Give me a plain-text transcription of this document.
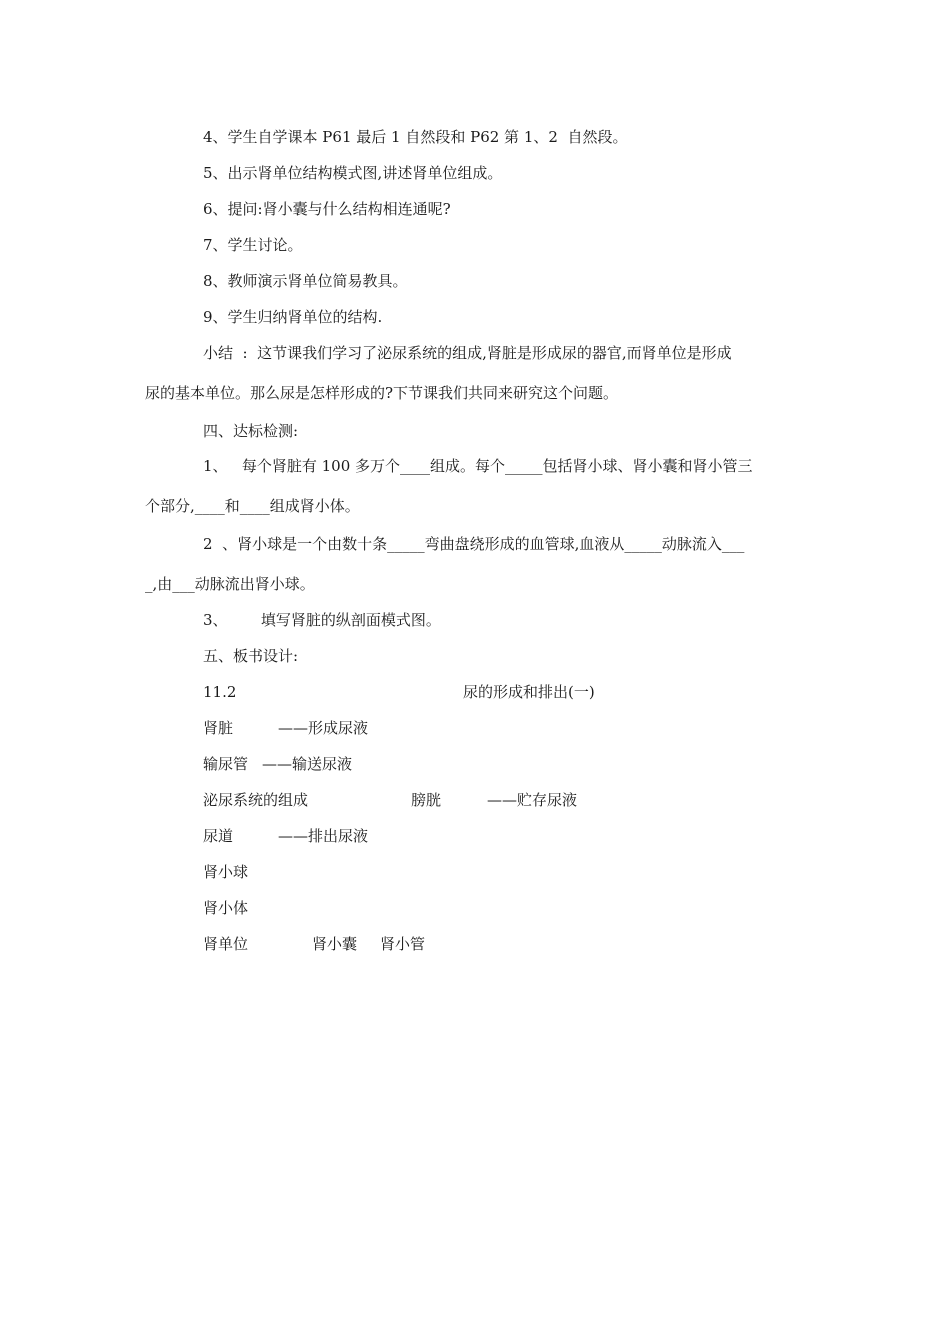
4、学生自学课本 P61 最后 1 自然段和 P62 第 1、2  自然段。
5、出示肾单位结构模式图,讲述肾单位组成。
6、提问:肾小囊与什么结构相连通呢?
7、学生讨论。
8、教师演示肾单位简易教具。
9、学生归纳肾单位的结构.
小结  :  这节课我们学习了泌尿系统的组成,肾脏是形成尿的器官,而肾单位是形成
尿的基本单位。那么尿是怎样形成的?下节课我们共同来研究这个问题。
四、达标检测:
1、   每个肾脏有 100 多万个____组成。每个_____包括肾小球、肾小囊和肾小管三
个部分,____和____组成肾小体。
2  、肾小球是一个由数十条_____弯曲盘绕形成的血管球,血液从_____动脉流入___
_,由___动脉流出肾小球。
3、       填写肾脏的纵剖面模式图。
五、板书设计:
11.2	尿的形成和排出(一)
肾脏	——形成尿液
输尿管 ——输送尿液
泌尿系统的组成	膀胱	——贮存尿液
尿道	——排出尿液
肾小球
肾小体
肾单位	肾小囊 肾小管
